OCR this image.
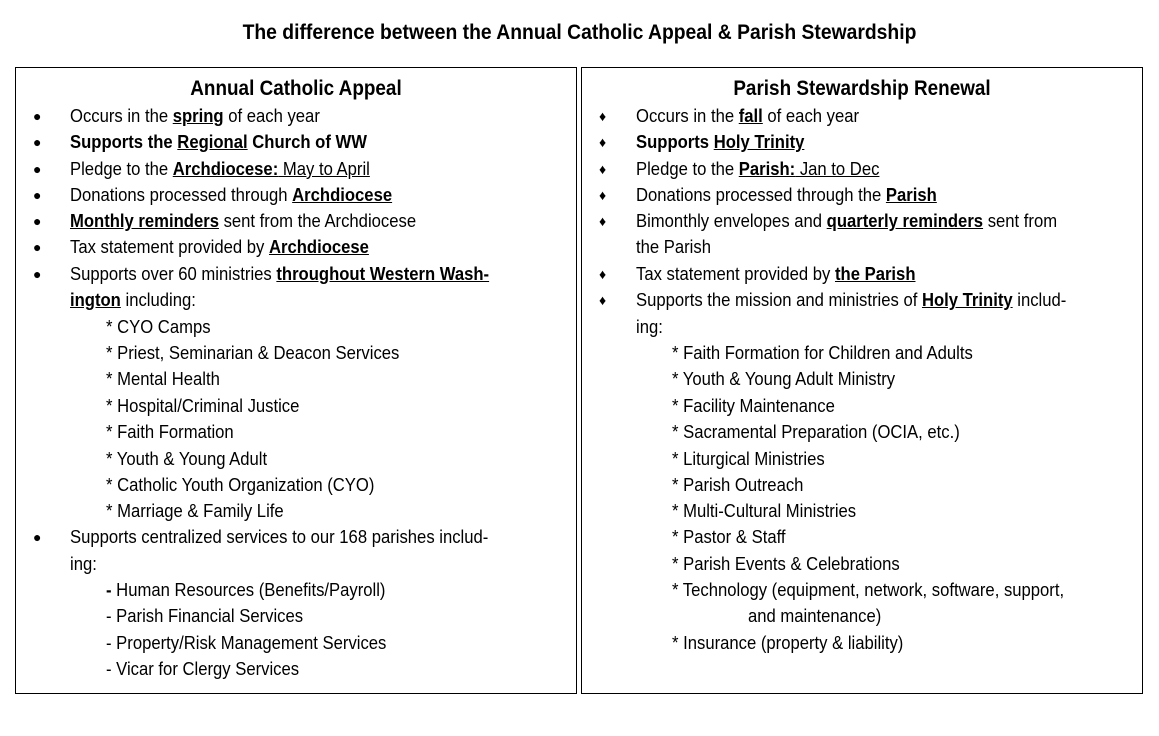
The difference between the Annual Catholic Appeal & Parish Stewardship
Annual Catholic Appeal
● Occurs in the spring of each year
● Supports the Regional Church of WW
● Pledge to the Archdiocese: May to April
● Donations processed through Archdiocese
● Monthly reminders sent from the Archdiocese
● Tax statement provided by Archdiocese
● Supports over 60 ministries throughout Western Wash-
ington including:
* CYO Camps
* Priest, Seminarian & Deacon Services
* Mental Health
* Hospital/Criminal Justice
* Faith Formation
* Youth & Young Adult
* Catholic Youth Organization (CYO)
* Marriage & Family Life
● Supports centralized services to our 168 parishes includ-
ing:
- Human Resources (Benefits/Payroll)
- Parish Financial Services
- Property/Risk Management Services
- Vicar for Clergy Services
Parish Stewardship Renewal
♦ Occurs in the fall of each year
♦ Supports Holy Trinity
♦ Pledge to the Parish: Jan to Dec
♦ Donations processed through the Parish
♦ Bimonthly envelopes and quarterly reminders sent from
the Parish
♦ Tax statement provided by the Parish
♦ Supports the mission and ministries of Holy Trinity includ-
ing:
* Faith Formation for Children and Adults
* Youth & Young Adult Ministry
* Facility Maintenance
* Sacramental Preparation (OCIA, etc.)
* Liturgical Ministries
* Parish Outreach
* Multi-Cultural Ministries
* Pastor & Staff
* Parish Events & Celebrations
* Technology (equipment, network, software, support,
and maintenance)
* Insurance (property & liability)
